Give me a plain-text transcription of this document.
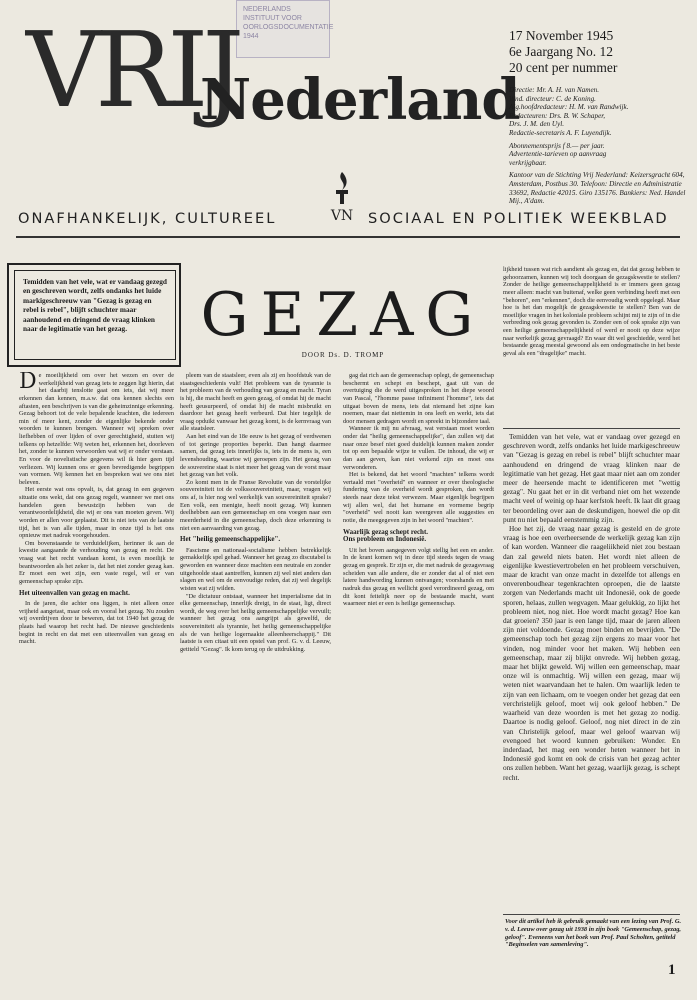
NEDERLANDS
INSTITUUT VOOR
OORLOGSDOCUMENTATIE
1944
VRIJ
Nederland
VN
ONAFHANKELIJK, CULTUREEL	SOCIAAL EN POLITIEK WEEKBLAD
17 November 1945
6e Jaargang No. 12
20 cent per nummer

Directie: Mr. A. H. van Namen.
Wnd. directeur: C. de Koning.
Alg.hoofdredacteur: H. M. van Randwijk.
Redacteuren: Drs. B. W. Schaper,
Drs. J. M. den Uyl.
Redactie-secretaris A. F. Luyendijk.

Abonnementsprijs f 8.— per jaar.
Advertentie-tarieven op aanvraag
verkrijgbaar.

Kantoor van de Stichting Vrij Nederland: Keizersgracht 604, Amsterdam, Postbus 30. Telefoon: Directie en Administratie 33692, Redactie 42015. Giro 135176. Bankiers: Ned. Handel Mij., A'dam.

Temidden van het vele, wat er vandaag gezegd en geschreven wordt, zelfs ondanks het luide markigeschreeuw van "Gezag is gezag en rebel is rebel", blijft schuchter maar aanhoudend en dringend de vraag klinken naar de legitimatie van het gezag.	GEZAG
DOOR Ds. D. TROMP

De moeilijkheid om over het wezen en over de werkelijkheid van gezag iets te zeggen ligt hierin, dat het daarbij tenslotte gaat om iets, dat wij meer erkennen dan kennen, m.a.w. dat ons kennen slechts een aftasten, een beschrijven is van die geheimzinnige erkenning. Gezag behoort tot de vele bepalende krachten, die iedereen min of meer kent, zonder de eigenlijke bekende onder woorden te kunnen brengen. Wanneer wij spreken over liefhebben of over lijden of over gerechtigheid, stuiten wij telkens op hetzelfde: Wij weten het, erkennen het, doorleven het, zonder te kunnen verwoorden wat wij er onder verstaan. En voor de novelistische gegevens wil ik hier geen tijd verliezen. Wij kunnen ons er geen bevredigende begrippen van vormen. Wij kennen het en bespreken wat we ons niet beleven.

Het eerste wat ons opvalt, is, dat gezag in een gegeven situatie ons wekt, dat ons gezag regelt, wanneer we met ons handelen geen bewustzijn hebben van de verantwoordelijkheid, die wij er ons van moeten geven. Wij worden er allen voor geplaatst. Dit is niet iets van de laatste tijd, het is van alle tijden, maar in onze tijd is het ons opnieuw met nadruk voorgehouden.

Om bovenstaande te verduidelijken, herinner ik aan de kwestie aangaande de verhouding van gezag en recht. De vraag wat het recht vandaan komt, is even moeilijk te beantwoorden als het zeker is, dat het niet zonder gezag kan. Er moet een wet zijn, een vaste regel, wil er van gemeenschap sprake zijn.

Het uiteenvallen van gezag en macht.

In de jaren, die achter ons liggen, is niet alleen onze vrijheid aangetast, maar ook en vooral het gezag. Nu zouden wij overdrijven door te beweren, dat tot 1940 het gezag de plaats had waarop het recht had. De nieuwe geschiedenis begint in recht en dat met een uiteenvallen van gezag en macht.

pleem van de staatsleer, even als zij en hoofdstuk van de staatsgeschiedenis vult! Het probleem van de tyrannie is het probleem van de verhouding van gezag en macht. Tyran is hij, die macht heeft en geen gezag, of omdat hij de macht heeft geusurpeerd, of omdat hij de macht misbruikt en daardoor het gezag heeft verbeurd. Dat hier tegelijk de vraag opduikt vanwaar het gezag komt, is de kernvraag van alle staatsleer.

Aan het eind van de 18e eeuw is het gezag of verdwenen of tot geringe proporties beperkt. Dan hangt daarmee samen, dat gezag iets innerlijks is, iets in de mens is, een levenshouding, waartoe wij geroepen zijn. Het gezag van de souvereine staat is niet meer het gezag van de vorst maar het gezag van het volk.

Zo komt men in de Franse Revolutie van de vorstelijke souvereiniteit tot de volkssouvereiniteit, maar, vragen wij ons af, is hier nog wel werkelijk van souvereiniteit sprake? Een volk, een menigte, heeft nooit gezag. Wij kunnen deelhebben aan een gemeenschap en ons voegen naar een meerderheid in die gemeenschap, doch deze erkenning is niet een aanvaarding van gezag.

Het "heilig gemeenschappelijke".

Fascisme en nationaal-socialisme hebben betrekkelijk gemakkelijk spel gehad. Wanneer het gezag zo discutabel is geworden en wanneer deze machten een neutrale en zonder uitgehoolde staat aantreffen, kunnen zij wel niet anders dan slagen en wel om de eenvoudige reden, dat zij wel degelijk wisten wat zij wilden.

"De dictatuur ontstaat, wanneer het imperialisme dat in elke gemeenschap, innerlijk dreigt, in de staat, ligt, direct wordt, de weg over het heilig gemeenschappelijke vervuilt; wanneer het gezag ons aangrijpt als gewelfd, de souvereiniteit als tyrannie, het heilig gemeenschappelijke als de van heilige logernaakte alleenheerschappij." Dit laatste is een citaat uit een opstel van prof. G. v. d. Leeuw, getiteld "Gezag". Ik kom terug op de uitdrukking.

gag dat rich aan de gemeenschap oplegt, de gemeenschap beschermt en schept en beschept, gaat uit van de overtuiging die de werd uitgesproken in het diepe woord van Pascal, "l'homme passe infiniment l'homme", iets dat uitgaat boven de mens, iets dat niemand het zijne kan noemen, maar dat niettemin in ons leeft en werkt, iets dat door mensen gedragen wordt en spreekt in bijzondere taal.

Wanneer ik mij nu afvraag, wat verstaan moet worden onder dat "heilig gemeenschappelijke", dan zullen wij dat naar onze besef niet goed duidelijk kunnen maken zonder tot op een bepaalde wijze te vullen. De inhoud, die wij er dan aan geven, kan niet verkend zijn en moet ons verwonderen.

Het is bekend, dat het woord "machten" telkens wordt vertaald met "overheid" en wanneer er over theologische fundering van de overheid wordt gesproken, dan wordt steeds naar deze tekst verwezen. Maar eigenlijk begrijpen wij allen wel, dat het humane en vormeme begrip "overheid" wel nooit kan weergeven alle suggesties en notie, die meegegeven zijn in het woord "machten".

Waarlijk gezag schept recht.
Ons probleem en Indonesië.

Uit het boven aangegeven volgt stellig het een en ander. In de krant komen wij in deze tijd steeds tegen de vraag gezag en gesprek. Er zijn er, die met nadruk de gezagsvraag scheiden van alle andere, die er zonder dat al of niet een latere handwording kunnen ontvangen; voorshands en met nadruk dus gezag en wellicht goed verordineerd gezag, om dit kont feitelijk neer op de bestaande macht, want waarneer niet er een is heilige gemeenschap.

lijkheid tussen wat rich aandient als gezag en, dat dat gezag hebben te gehoorzamen, kunnen wij toch doorgaan de gezagskwestie te stellen? Zonder de heilige gemeenschappelijkheid is er immers geen gezag meer alleen: macht van buitenaf, welke geen verbinding heeft met een "behoren", een "erkennen", doch die eenvoudig wordt opgelegd. Maar hoe is het dan mogelijk de gezagskwestie te stellen? Ben van de moeilijke vragen in het koloniale probleem schijnt mij te zijn of in die verbreding ook gezag gevonden is. Zonder een of ook sprake zijn van een heilige gemeenschappelijkheid of werd er nooit op deze wijze naar werkelijk gezag gevraagd? En waar dit wel geschiedde, werd het bestaande gezag meestal gewoond als een ondogmatische in het beste geval als een "dragelijke" macht.

Temidden van het vele, wat er vandaag over gezegd en geschreven wordt, zelfs ondanks het luide markigeschreeuw van "Gezag is gezag en rebel is rebel" blijft schuchter maar aanhoudend en dringend de vraag klinken naar de legitimatie van het gezag. Het gaat maar niet aan om zonder meer de heersende macht te identificeren met "wettig gezag". Nu gaat het er in dit verband niet om het wezende macht veel of weinig op haar kerfstok heeft. Ik laat dit graag ter beoordeling over aan de deskundigen, hoewel die op dit punt nu niet bepaald eenstemmig zijn.

Hoe het zij, de vraag naar gezag is gesteld en de grote vraag is hoe een overheersende de werkelijk gezag kan zijn of kan worden. Wanneer die raageliikheid niet zou bestaan dan zal geweld niets baten. Het wordt niet alleen de eigenlijke kwestievertrobelen en het probleem verschuiven, maar de kracht van onze macht in dezelfde tot allengs en onverenboudhear tegenkrachten oproepen, die de laatste zorgen van Nederlands macht uit Indonesië, ook de goede sporen, helaas, zullen wegvagen. Maar gelukkig, zo lijkt het probleem niet, nog niet. Hoe wordt macht gezag? Hoe kan dat groeien? 350 jaar is een lange tijd, maar de jaren alleen zijn niet voldoende. Gezag moet binden en bevrijden. "De gemeenschap toch het gezag zijn ergens zo maar voor het vinden, nog minder voor het maken. Wij hebben een gemeenschap, maar zij blijkt onvrede. Wij hebben gezag, maar het blijkt geweld. Wij willen een gemeenschap, maar onze wil is onmachtig. Wij willen een gezag, maar wij weten niet waarvandaan het te halen. Om waarlijk leden te zijn van een lichaam, om te voegen onder het gezag dat een verchristelijk geloof, moet wij ook geloof hebben." De waarheid van deze woorden is met het gezag zo nodig. Daartoe is nodig geloof. Geloof, nog niet direct in de zin van Christelijk geloof, maar wel geloof waarvan wij evengoed het woord kunnen gebruiken: Wonder. En inderdaad, het mag een wonder heten wanneer het in Indonesië god komt en ook de crisis van het gezag achter ons zullen hebben. Want het gezag, waarlijk gezag, is schept recht.

Voor dit artikel heb ik gebruik gemaakt van een lezing van Prof. G. v. d. Leeuw over gezag uit 1938 in zijn boek "Gemeenschap, gezag, geloof". Eveneens van het boek van Prof. Paul Scholten, getiteld "Beginselen van samenleving".
1
